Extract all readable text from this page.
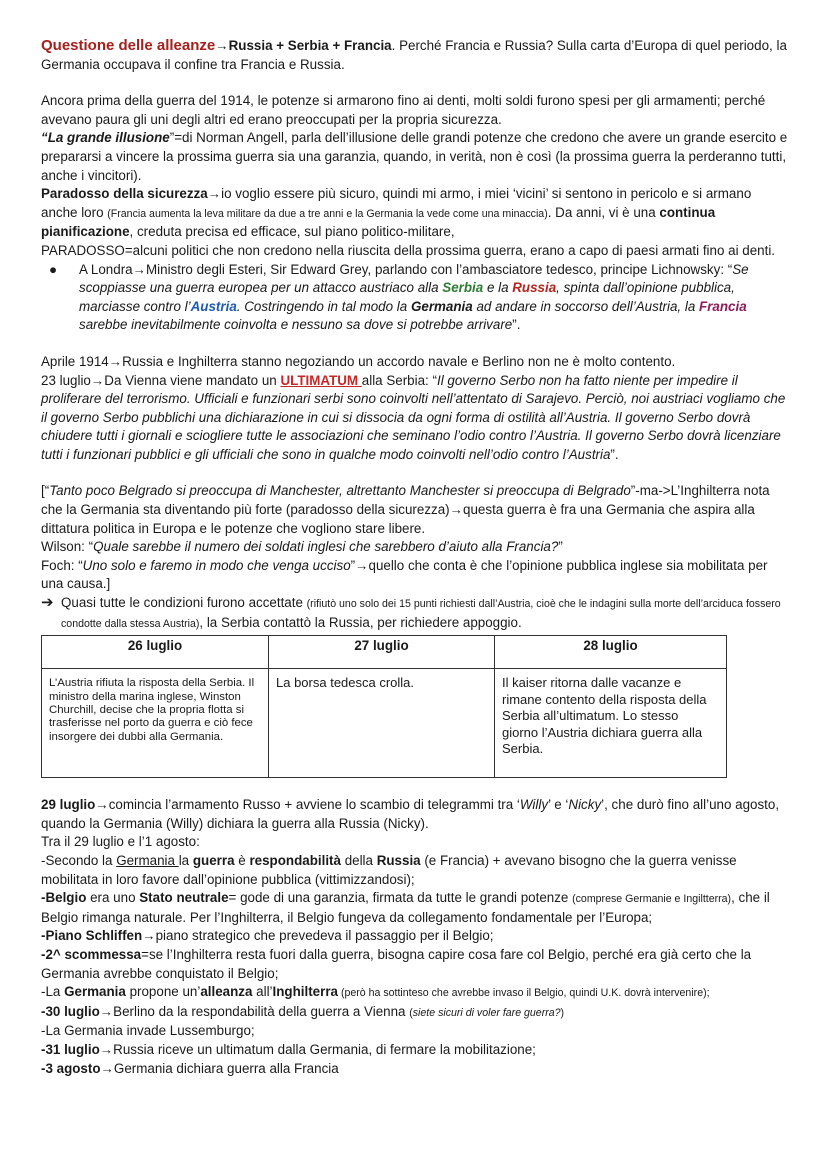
Questione delle alleanze→Russia + Serbia + Francia. Perché Francia e Russia? Sulla carta d’Europa di quel periodo, la Germania occupava il confine tra Francia e Russia.

Ancora prima della guerra del 1914, le potenze si armarono fino ai denti, molti soldi furono spesi per gli armamenti; perché avevano paura gli uni degli altri ed erano preoccupati per la propria sicurezza.

“La grande illusione”=di Norman Angell, parla dell’illusione delle grandi potenze che credono che avere un grande esercito e prepararsi a vincere la prossima guerra sia una garanzia, quando, in verità, non è così (la prossima guerra la perderanno tutti, anche i vincitori).

Paradosso della sicurezza→io voglio essere più sicuro, quindi mi armo, i miei ‘vicini’ si sentono in pericolo e si armano anche loro (Francia aumenta la leva militare da due a tre anni e la Germania la vede come una minaccia). Da anni, vi è una continua pianificazione, creduta precisa ed efficace, sul piano politico-militare,

PARADOSSO=alcuni politici che non credono nella riuscita della prossima guerra, erano a capo di paesi armati fino ai denti.

●	A Londra→Ministro degli Esteri, Sir Edward Grey, parlando con l’ambasciatore tedesco, principe Lichnowsky: “Se scoppiasse una guerra europea per un attacco austriaco alla Serbia e la Russia, spinta dall’opinione pubblica, marciasse contro l’Austria. Costringendo in tal modo la Germania ad andare in soccorso dell’Austria, la Francia sarebbe inevitabilmente coinvolta e nessuno sa dove si potrebbe arrivare”.

Aprile 1914→Russia e Inghilterra stanno negoziando un accordo navale e Berlino non ne è molto contento.

23 luglio→Da Vienna viene mandato un ULTIMATUM alla Serbia: “Il governo Serbo non ha fatto niente per impedire il proliferare del terrorismo. Ufficiali e funzionari serbi sono coinvolti nell’attentato di Sarajevo. Perciò, noi austriaci vogliamo che il governo Serbo pubblichi una dichiarazione in cui si dissocia da ogni forma di ostilità all’Austria. Il governo Serbo dovrà chiudere tutti i giornali e sciogliere tutte le associazioni che seminano l’odio contro l’Austria. Il governo Serbo dovrà licenziare tutti i funzionari pubblici e gli ufficiali che sono in qualche modo coinvolti nell’odio contro l’Austria”.

[“Tanto poco Belgrado si preoccupa di Manchester, altrettanto Manchester si preoccupa di Belgrado”-ma->L’Inghilterra nota che la Germania sta diventando più forte (paradosso della sicurezza)→questa guerra è fra una Germania che aspira alla dittatura politica in Europa e le potenze che vogliono stare libere.

Wilson: “Quale sarebbe il numero dei soldati inglesi che sarebbero d’aiuto alla Francia?”

Foch: “Uno solo e faremo in modo che venga ucciso”→quello che conta è che l’opinione pubblica inglese sia mobilitata per una causa.]

➔ Quasi tutte le condizioni furono accettate (rifiutò uno solo dei 15 punti richiesti dall’Austria, cioè che le indagini sulla morte dell’arciduca fossero condotte dalla stessa Austria), la Serbia contattò la Russia, per richiedere appoggio.
26 luglio	27 luglio	28 luglio
L’Austria rifiuta la risposta della Serbia. Il ministro della marina inglese, Winston Churchill, decise che la propria flotta si trasferisse nel porto da guerra e ciò fece insorgere dei dubbi alla Germania.	La borsa tedesca crolla.	Il kaiser ritorna dalle vacanze e rimane contento della risposta della Serbia all’ultimatum. Lo stesso giorno l’Austria dichiara guerra alla Serbia.

29 luglio→comincia l’armamento Russo + avviene lo scambio di telegrammi tra ‘Willy’ e ‘Nicky’, che durò fino all’uno agosto, quando la Germania (Willy) dichiara la guerra alla Russia (Nicky).

Tra il 29 luglio e l’1 agosto:

-Secondo la Germania la guerra è respondabilità della Russia (e Francia) + avevano bisogno che la guerra venisse mobilitata in loro favore dall’opinione pubblica (vittimizzandosi);

-Belgio era uno Stato neutrale= gode di una garanzia, firmata da tutte le grandi potenze (comprese Germanie e Ingiltterra), che il Belgio rimanga naturale. Per l’Inghilterra, il Belgio fungeva da collegamento fondamentale per l’Europa;

-Piano Schliffen→piano strategico che prevedeva il passaggio per il Belgio;

-2^ scommessa=se l’Inghilterra resta fuori dalla guerra, bisogna capire cosa fare col Belgio, perché era già certo che la Germania avrebbe conquistato il Belgio;

-La Germania propone un’alleanza all’Inghilterra (però ha sottinteso che avrebbe invaso il Belgio, quindi U.K. dovrà intervenire);

-30 luglio→Berlino da la respondabilità della guerra a Vienna (siete sicuri di voler fare guerra?)

-La Germania invade Lussemburgo;

-31 luglio→Russia riceve un ultimatum dalla Germania, di fermare la mobilitazione;

-3 agosto→Germania dichiara guerra alla Francia
